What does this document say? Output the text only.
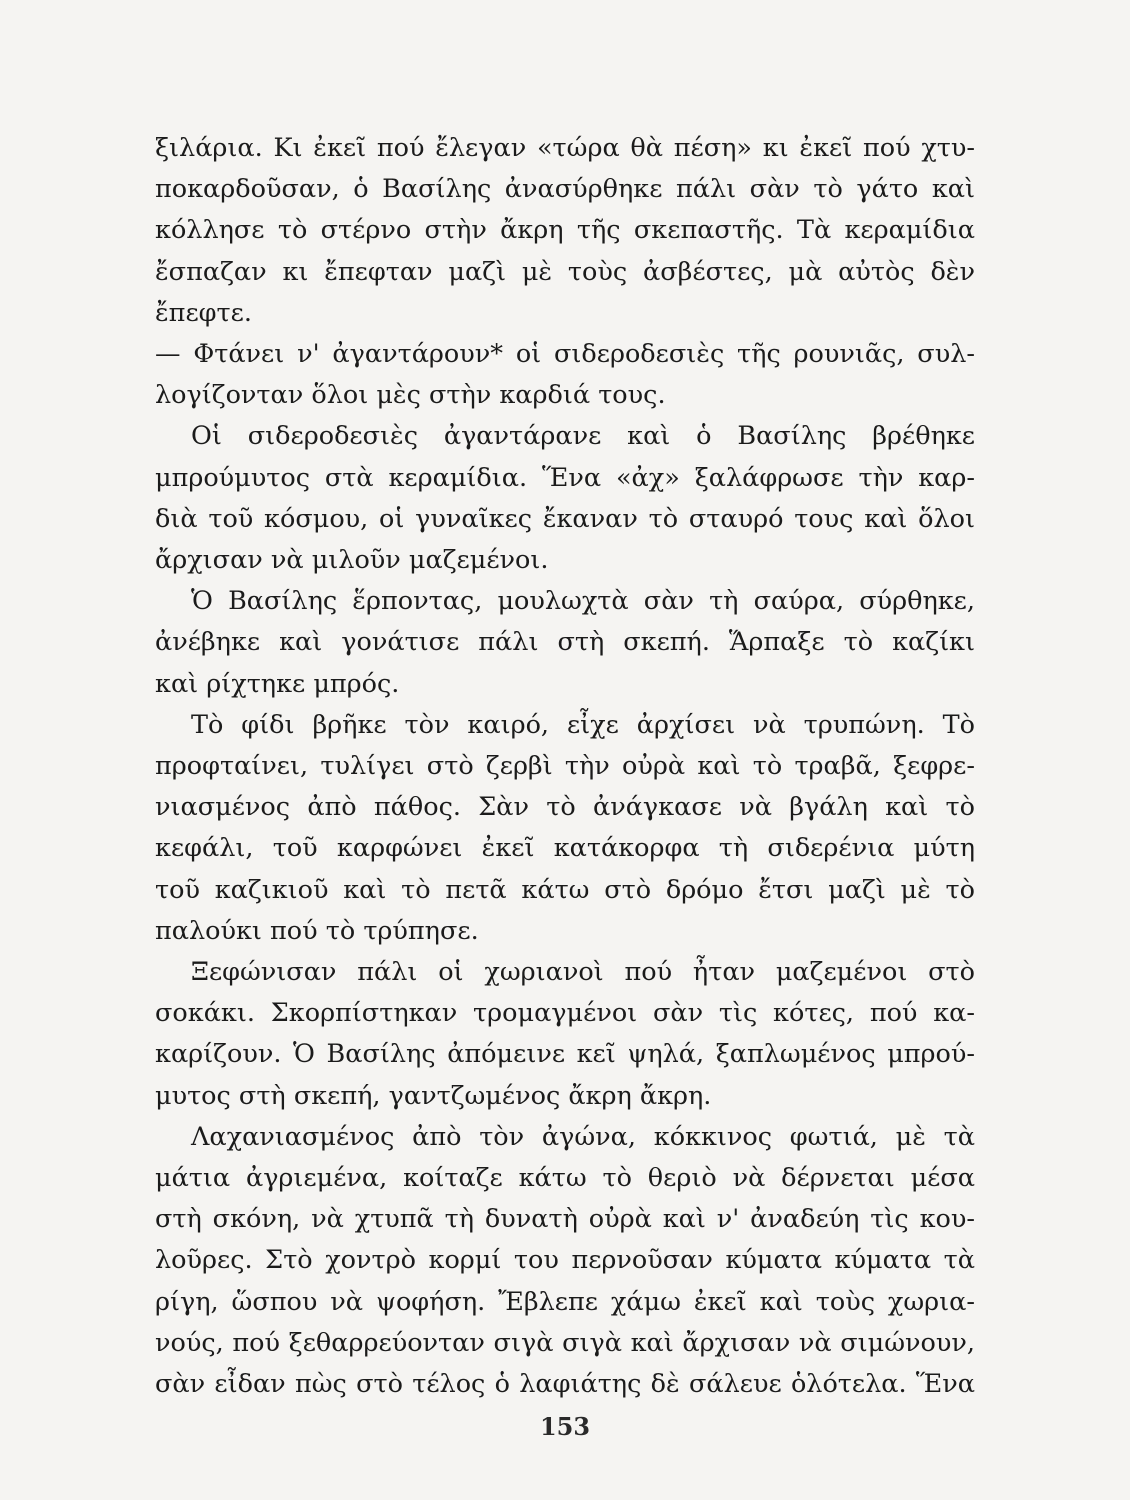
ξιλάρια. Κι ἐκεῖ πού ἔλεγαν «τώρα θὰ πέση» κι ἐκεῖ πού χτυ-
ποκαρδοῦσαν, ὁ Βασίλης ἀνασύρθηκε πάλι σὰν τὸ γάτο καὶ
κόλλησε τὸ στέρνο στὴν ἄκρη τῆς σκεπαστῆς. Τὰ κεραμίδια
ἔσπαζαν κι ἔπεφταν μαζὶ μὲ τοὺς ἀσβέστες, μὰ αὐτὸς δὲν
ἔπεφτε.
— Φτάνει ν' ἀγαντάρουν* οἱ σιδεροδεσιὲς τῆς ρουνιᾶς, συλ-
λογίζονταν ὅλοι μὲς στὴν καρδιά τους.
Οἱ σιδεροδεσιὲς ἀγαντάρανε καὶ ὁ Βασίλης βρέθηκε
μπρούμυτος στὰ κεραμίδια. Ἕνα «ἀχ» ξαλάφρωσε τὴν καρ-
διὰ τοῦ κόσμου, οἱ γυναῖκες ἔκαναν τὸ σταυρό τους καὶ ὅλοι
ἄρχισαν νὰ μιλοῦν μαζεμένοι.
Ὁ Βασίλης ἕρποντας, μουλωχτὰ σὰν τὴ σαύρα, σύρθηκε,
ἀνέβηκε καὶ γονάτισε πάλι στὴ σκεπή. Ἅρπαξε τὸ καζίκι
καὶ ρίχτηκε μπρός.
Τὸ φίδι βρῆκε τὸν καιρό, εἶχε ἀρχίσει νὰ τρυπώνη. Τὸ
προφταίνει, τυλίγει στὸ ζερβὶ τὴν οὐρὰ καὶ τὸ τραβᾶ, ξεφρε-
νιασμένος ἀπὸ πάθος. Σὰν τὸ ἀνάγκασε νὰ βγάλη καὶ τὸ
κεφάλι, τοῦ καρφώνει ἐκεῖ κατάκορφα τὴ σιδερένια μύτη
τοῦ καζικιοῦ καὶ τὸ πετᾶ κάτω στὸ δρόμο ἔτσι μαζὶ μὲ τὸ
παλούκι πού τὸ τρύπησε.
Ξεφώνισαν πάλι οἱ χωριανοὶ πού ἦταν μαζεμένοι στὸ
σοκάκι. Σκορπίστηκαν τρομαγμένοι σὰν τὶς κότες, πού κα-
καρίζουν. Ὁ Βασίλης ἀπόμεινε κεῖ ψηλά, ξαπλωμένος μπρού-
μυτος στὴ σκεπή, γαντζωμένος ἄκρη ἄκρη.
Λαχανιασμένος ἀπὸ τὸν ἀγώνα, κόκκινος φωτιά, μὲ τὰ
μάτια ἀγριεμένα, κοίταζε κάτω τὸ θεριὸ νὰ δέρνεται μέσα
στὴ σκόνη, νὰ χτυπᾶ τὴ δυνατὴ οὐρὰ καὶ ν' ἀναδεύη τὶς κου-
λοῦρες. Στὸ χοντρὸ κορμί του περνοῦσαν κύματα κύματα τὰ
ρίγη, ὥσπου νὰ ψοφήση. Ἔβλεπε χάμω ἐκεῖ καὶ τοὺς χωρια-
νούς, πού ξεθαρρεύονταν σιγὰ σιγὰ καὶ ἄρχισαν νὰ σιμώνουν,
σὰν εἶδαν πὼς στὸ τέλος ὁ λαφιάτης δὲ σάλευε ὁλότελα. Ἕνα
153
